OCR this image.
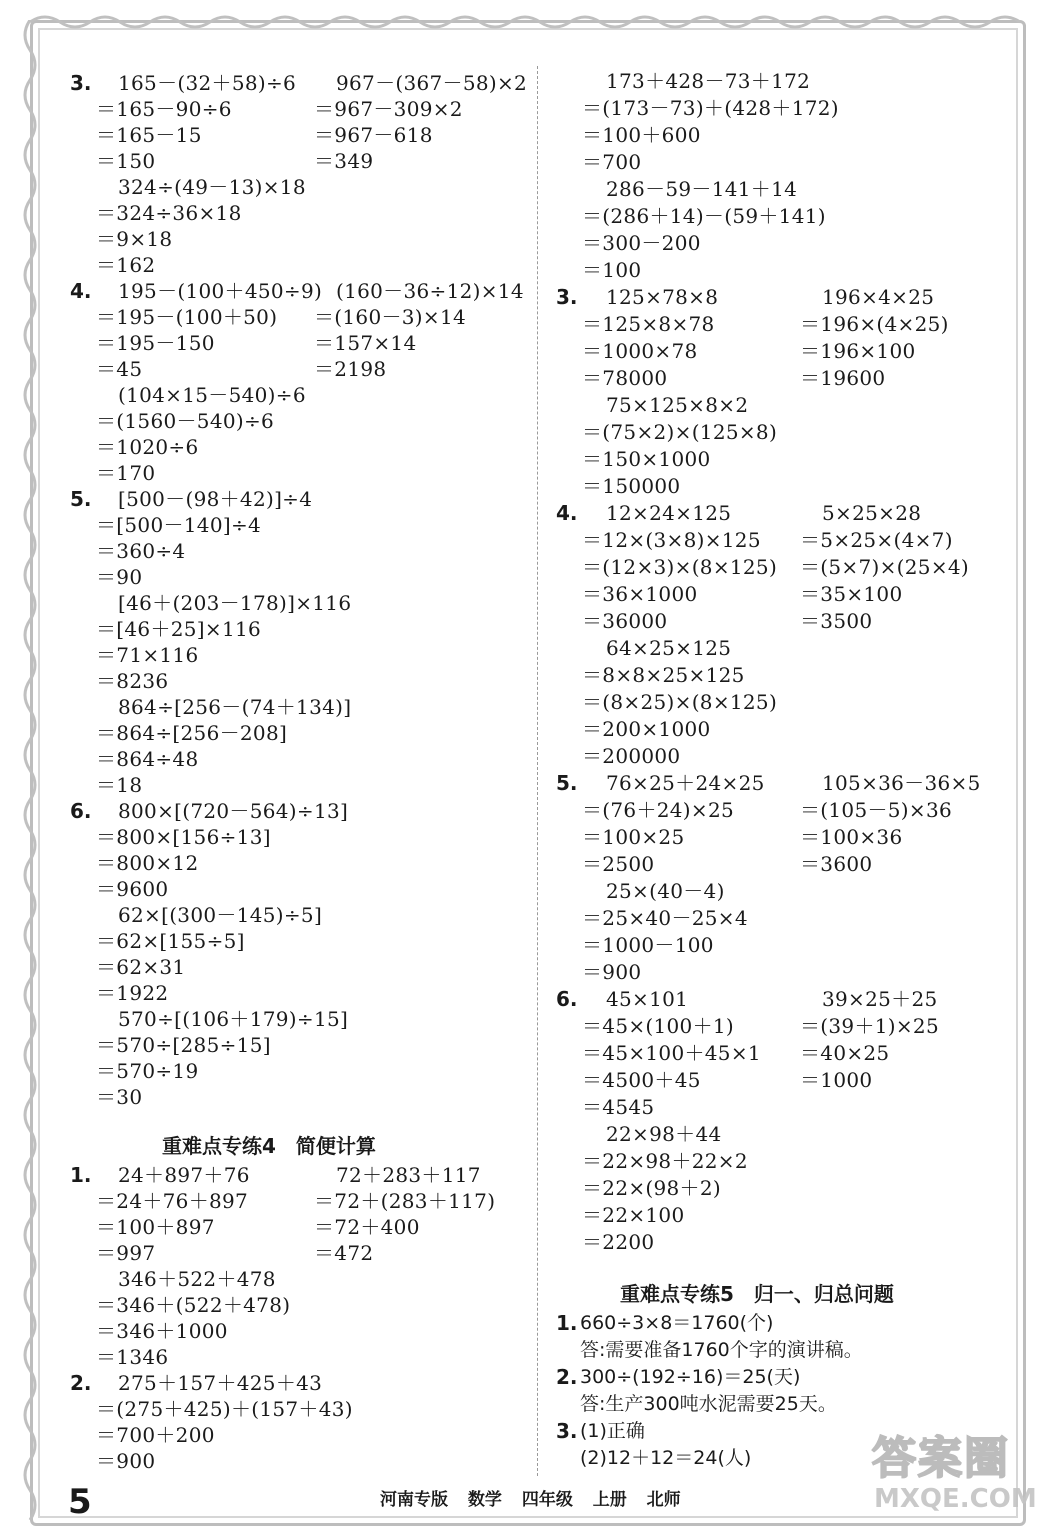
3. 165－(32＋58)÷6
＝165－90÷6
＝165－15
＝150
967－(367－58)×2
＝967－309×2
＝967－618
＝349
324÷(49－13)×18
＝324÷36×18
＝9×18
＝162
4. 195－(100＋450÷9)
＝195－(100＋50)
＝195－150
＝45
(160－36÷12)×14
＝(160－3)×14
＝157×14
＝2198
(104×15－540)÷6
＝(1560－540)÷6
＝1020÷6
＝170
5. [500－(98＋42)]÷4
＝[500－140]÷4
＝360÷4
＝90
[46＋(203－178)]×116
＝[46＋25]×116
＝71×116
＝8236
864÷[256－(74＋134)]
＝864÷[256－208]
＝864÷48
＝18
6. 800×[(720－564)÷13]
＝800×[156÷13]
＝800×12
＝9600
62×[(300－145)÷5]
＝62×[155÷5]
＝62×31
＝1922
570÷[(106＋179)÷15]
＝570÷[285÷15]
＝570÷19
＝30
重难点专练4　简便计算
1. 24＋897＋76
＝24＋76＋897
＝100＋897
＝997
72＋283＋117
＝72＋(283＋117)
＝72＋400
＝472
346＋522＋478
＝346＋(522＋478)
＝346＋1000
＝1346
2. 275＋157＋425＋43
＝(275＋425)＋(157＋43)
＝700＋200
＝900
173＋428－73＋172
＝(173－73)＋(428＋172)
＝100＋600
＝700
286－59－141＋14
＝(286＋14)－(59＋141)
＝300－200
＝100
3. 125×78×8
＝125×8×78
＝1000×78
＝78000
196×4×25
＝196×(4×25)
＝196×100
＝19600
75×125×8×2
＝(75×2)×(125×8)
＝150×1000
＝150000
4. 12×24×125
＝12×(3×8)×125
＝(12×3)×(8×125)
＝36×1000
＝36000
5×25×28
＝5×25×(4×7)
＝(5×7)×(25×4)
＝35×100
＝3500
64×25×125
＝8×8×25×125
＝(8×25)×(8×125)
＝200×1000
＝200000
5. 76×25＋24×25
＝(76＋24)×25
＝100×25
＝2500
105×36－36×5
＝(105－5)×36
＝100×36
＝3600
25×(40－4)
＝25×40－25×4
＝1000－100
＝900
6. 45×101
＝45×(100＋1)
＝45×100＋45×1
＝4500＋45
＝4545
39×25＋25
＝(39＋1)×25
＝40×25
＝1000
22×98＋44
＝22×98＋22×2
＝22×(98＋2)
＝22×100
＝2200
重难点专练5　归一、归总问题
1. 660÷3×8＝1760(个)
答:需要准备1760个字的演讲稿。
2. 300÷(192÷16)＝25(天)
答:生产300吨水泥需要25天。
3. (1)正确
(2)12＋12＝24(人)
5	河南专版 数学 四年级 上册 北师
答案圈
MXQE.COM
